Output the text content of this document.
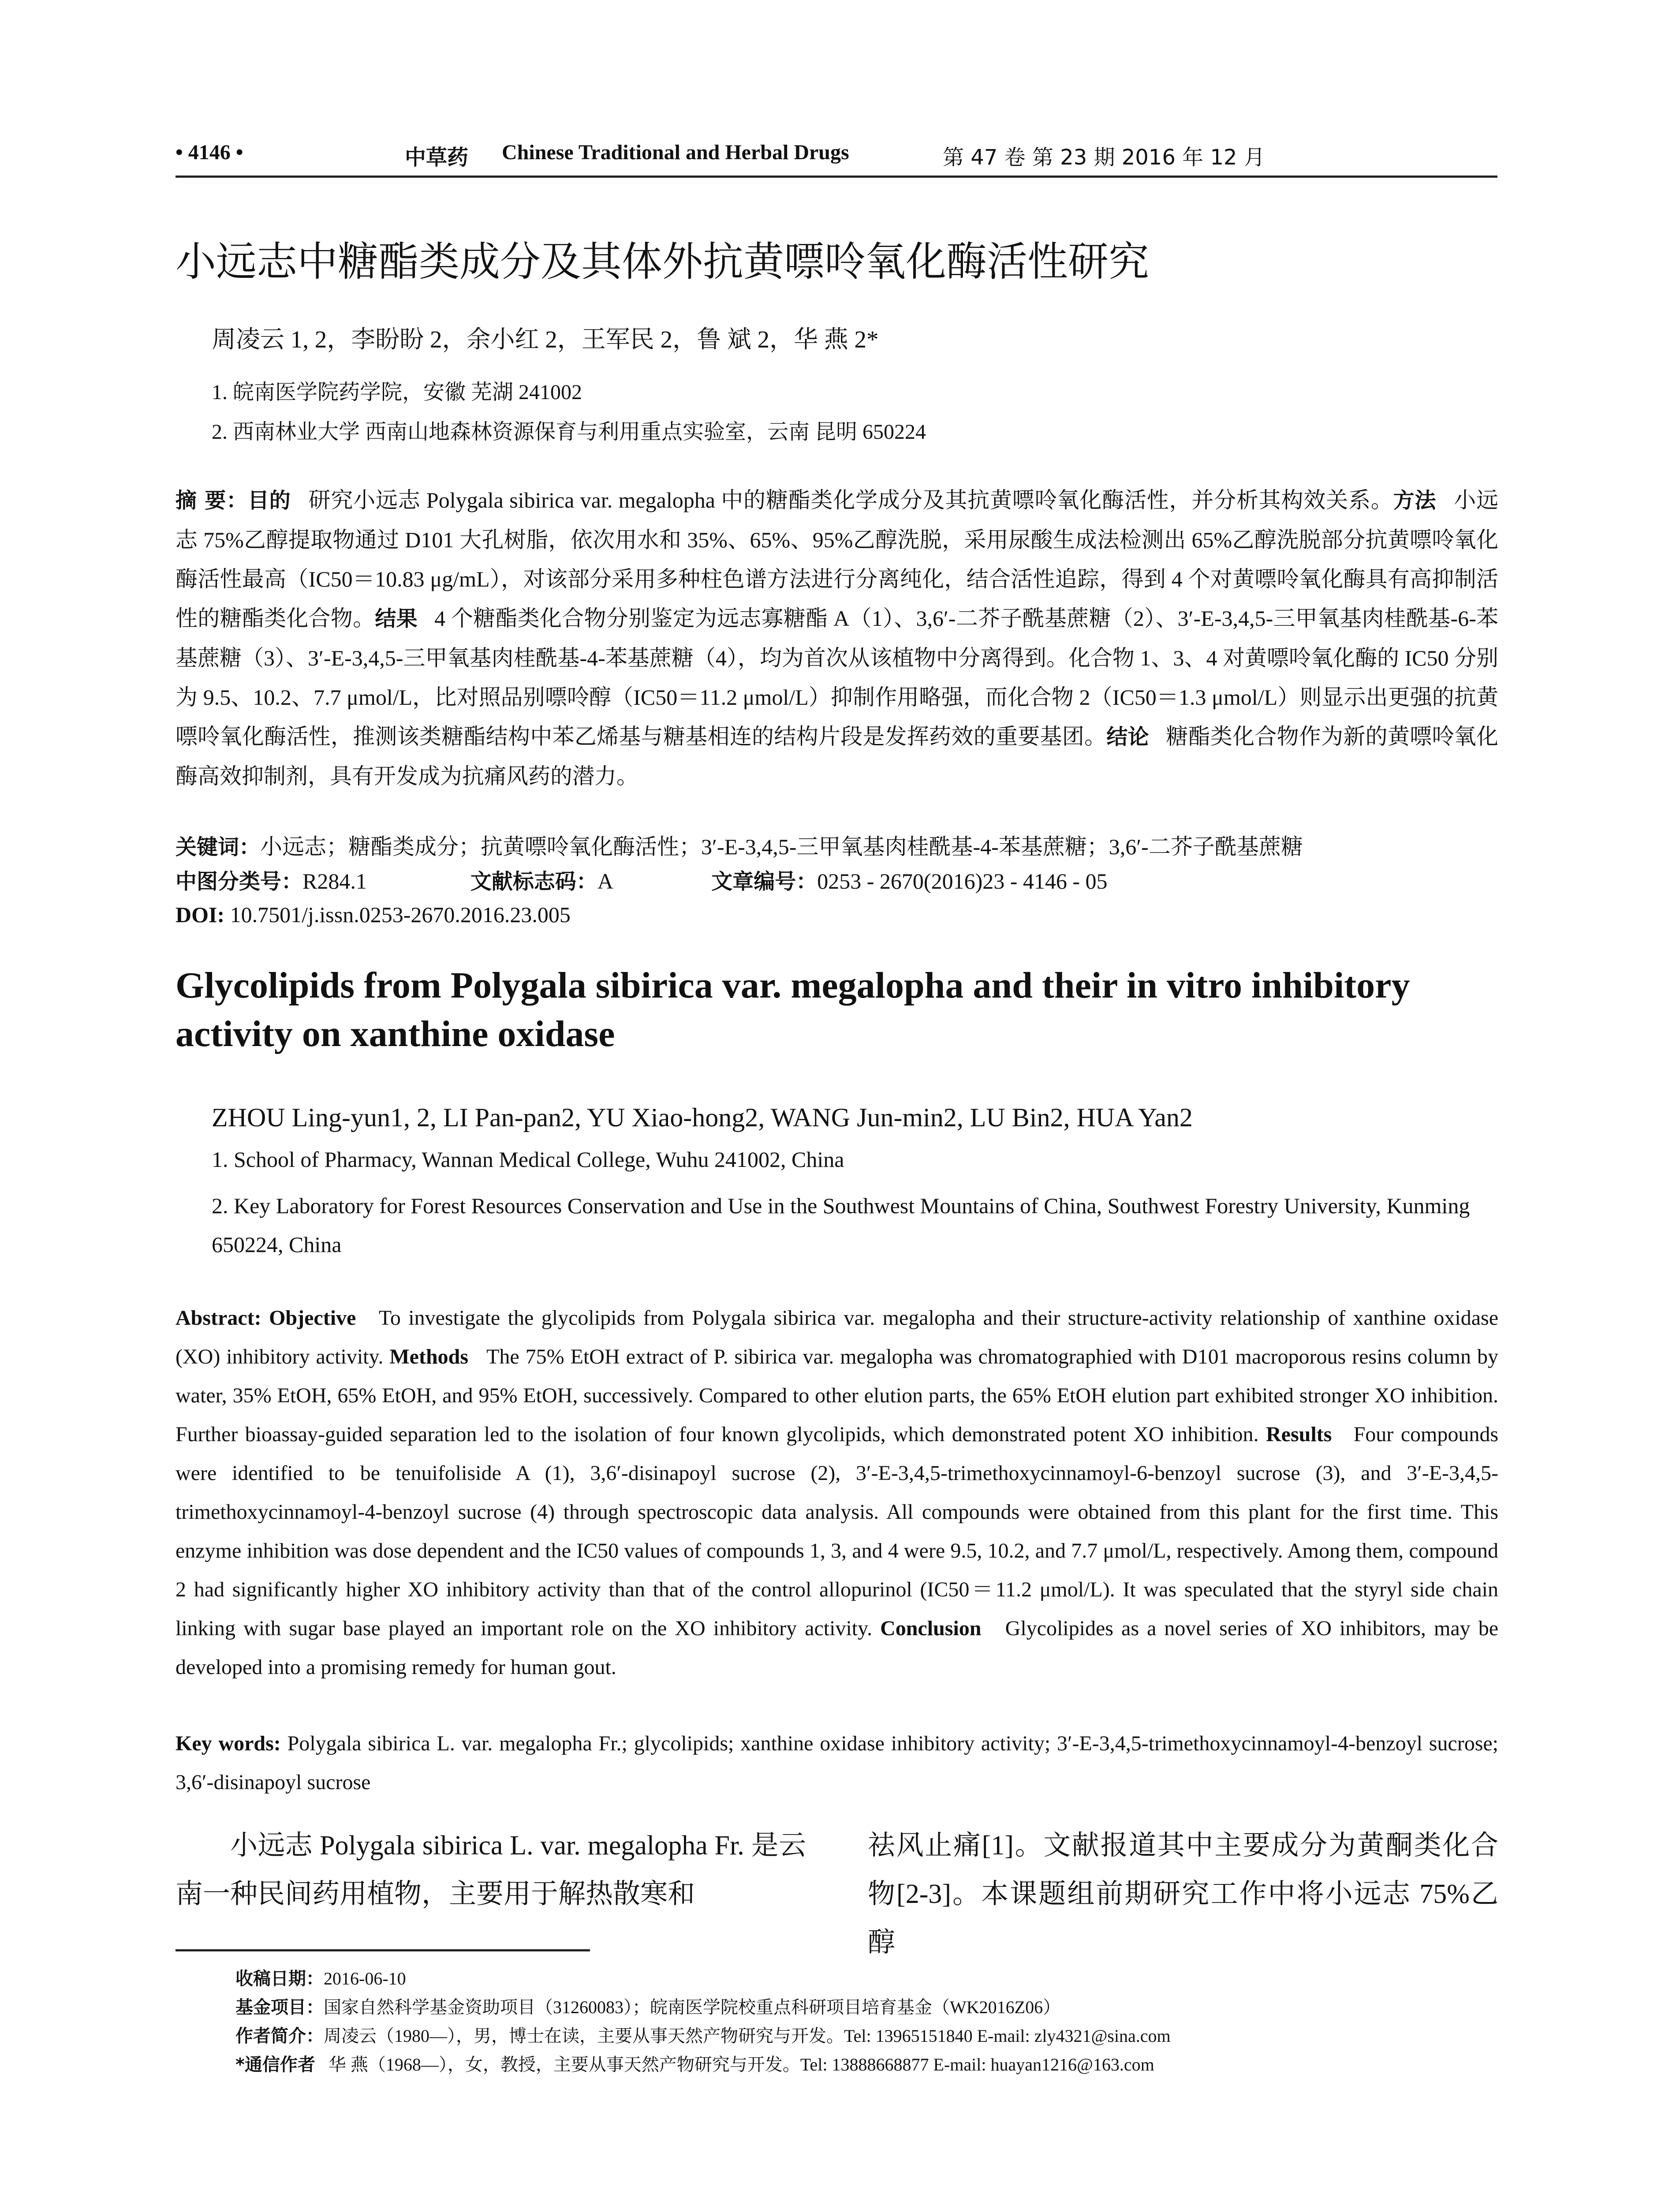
• 4146 •	中草药 Chinese Traditional and Herbal Drugs	第 47 卷 第 23 期 2016 年 12 月
小远志中糖酯类成分及其体外抗黄嘌呤氧化酶活性研究
周凌云 1, 2，李盼盼 2，余小红 2，王军民 2，鲁 斌 2，华 燕 2*
1. 皖南医学院药学院，安徽 芜湖 241002
2. 西南林业大学 西南山地森林资源保育与利用重点实验室，云南 昆明 650224
摘 要：目的 研究小远志 Polygala sibirica var. megalopha 中的糖酯类化学成分及其抗黄嘌呤氧化酶活性，并分析其构效关系。方法 小远志 75%乙醇提取物通过 D101 大孔树脂，依次用水和 35%、65%、95%乙醇洗脱，采用尿酸生成法检测出 65%乙醇洗脱部分抗黄嘌呤氧化酶活性最高（IC50＝10.83 μg/mL），对该部分采用多种柱色谱方法进行分离纯化，结合活性追踪，得到 4 个对黄嘌呤氧化酶具有高抑制活性的糖酯类化合物。结果 4 个糖酯类化合物分别鉴定为远志寡糖酯 A（1）、3,6′-二芥子酰基蔗糖（2）、3′-E-3,4,5-三甲氧基肉桂酰基-6-苯基蔗糖（3）、3′-E-3,4,5-三甲氧基肉桂酰基-4-苯基蔗糖（4），均为首次从该植物中分离得到。化合物 1、3、4 对黄嘌呤氧化酶的 IC50 分别为 9.5、10.2、7.7 μmol/L，比对照品别嘌呤醇（IC50＝11.2 μmol/L）抑制作用略强，而化合物 2（IC50＝1.3 μmol/L）则显示出更强的抗黄嘌呤氧化酶活性，推测该类糖酯结构中苯乙烯基与糖基相连的结构片段是发挥药效的重要基团。结论 糖酯类化合物作为新的黄嘌呤氧化酶高效抑制剂，具有开发成为抗痛风药的潜力。
关键词：小远志；糖酯类成分；抗黄嘌呤氧化酶活性；3′-E-3,4,5-三甲氧基肉桂酰基-4-苯基蔗糖；3,6′-二芥子酰基蔗糖
中图分类号：R284.1	文献标志码：A	文章编号：0253 - 2670(2016)23 - 4146 - 05
DOI: 10.7501/j.issn.0253-2670.2016.23.005
Glycolipids from Polygala sibirica var. megalopha and their in vitro inhibitory activity on xanthine oxidase
ZHOU Ling-yun1, 2, LI Pan-pan2, YU Xiao-hong2, WANG Jun-min2, LU Bin2, HUA Yan2
1. School of Pharmacy, Wannan Medical College, Wuhu 241002, China
2. Key Laboratory for Forest Resources Conservation and Use in the Southwest Mountains of China, Southwest Forestry University, Kunming 650224, China
Abstract: Objective To investigate the glycolipids from Polygala sibirica var. megalopha and their structure-activity relationship of xanthine oxidase (XO) inhibitory activity. Methods The 75% EtOH extract of P. sibirica var. megalopha was chromatographied with D101 macroporous resins column by water, 35% EtOH, 65% EtOH, and 95% EtOH, successively. Compared to other elution parts, the 65% EtOH elution part exhibited stronger XO inhibition. Further bioassay-guided separation led to the isolation of four known glycolipids, which demonstrated potent XO inhibition. Results Four compounds were identified to be tenuifoliside A (1), 3,6′-disinapoyl sucrose (2), 3′-E-3,4,5-trimethoxycinnamoyl-6-benzoyl sucrose (3), and 3′-E-3,4,5-trimethoxycinnamoyl-4-benzoyl sucrose (4) through spectroscopic data analysis. All compounds were obtained from this plant for the first time. This enzyme inhibition was dose dependent and the IC50 values of compounds 1, 3, and 4 were 9.5, 10.2, and 7.7 μmol/L, respectively. Among them, compound 2 had significantly higher XO inhibitory activity than that of the control allopurinol (IC50＝11.2 μmol/L). It was speculated that the styryl side chain linking with sugar base played an important role on the XO inhibitory activity. Conclusion Glycolipides as a novel series of XO inhibitors, may be developed into a promising remedy for human gout.
Key words: Polygala sibirica L. var. megalopha Fr.; glycolipids; xanthine oxidase inhibitory activity; 3′-E-3,4,5-trimethoxycinnamoyl-4-benzoyl sucrose; 3,6′-disinapoyl sucrose
小远志 Polygala sibirica L. var. megalopha Fr. 是云南一种民间药用植物，主要用于解热散寒和
祛风止痛[1]。文献报道其中主要成分为黄酮类化合物[2-3]。本课题组前期研究工作中将小远志 75%乙醇
收稿日期：2016-06-10
基金项目：国家自然科学基金资助项目（31260083）；皖南医学院校重点科研项目培育基金（WK2016Z06）
作者简介：周凌云（1980—），男，博士在读，主要从事天然产物研究与开发。Tel: 13965151840 E-mail: zly4321@sina.com
*通信作者 华 燕（1968—），女，教授，主要从事天然产物研究与开发。Tel: 13888668877 E-mail: huayan1216@163.com
